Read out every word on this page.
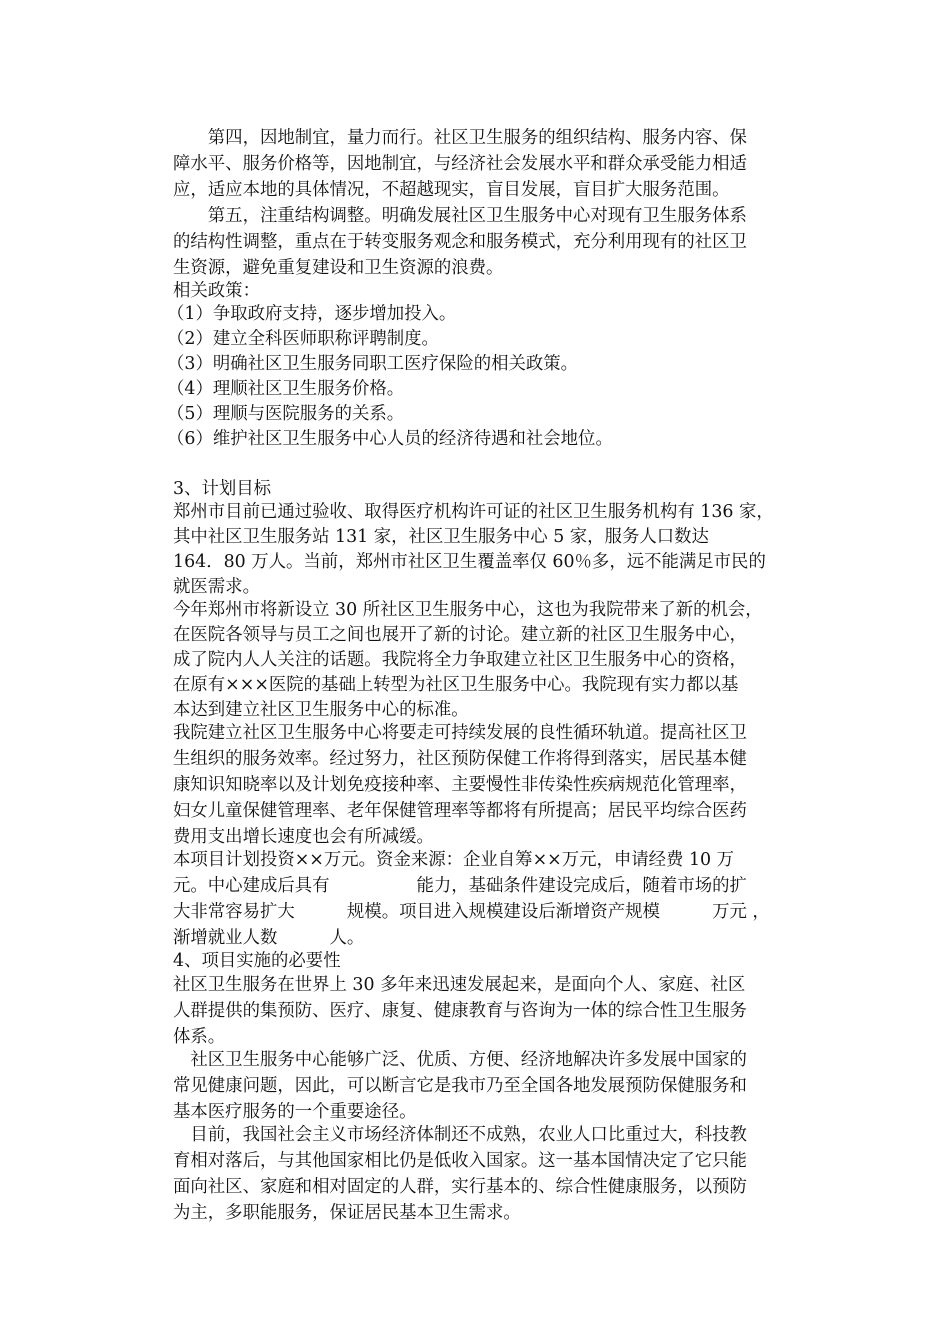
　　第四，因地制宜，量力而行。社区卫生服务的组织结构、服务内容、保
障水平、服务价格等，因地制宜，与经济社会发展水平和群众承受能力相适
应，适应本地的具体情况，不超越现实，盲目发展，盲目扩大服务范围。
　　第五，注重结构调整。明确发展社区卫生服务中心对现有卫生服务体系
的结构性调整，重点在于转变服务观念和服务模式，充分利用现有的社区卫
生资源，避免重复建设和卫生资源的浪费。
相关政策：
（1）争取政府支持，逐步增加投入。
（2）建立全科医师职称评聘制度。
（3）明确社区卫生服务同职工医疗保险的相关政策。
（4）理顺社区卫生服务价格。
（5）理顺与医院服务的关系。
（6）维护社区卫生服务中心人员的经济待遇和社会地位。
3、计划目标
郑州市目前已通过验收、取得医疗机构许可证的社区卫生服务机构有 136 家，
其中社区卫生服务站 131 家，社区卫生服务中心 5 家，服务人口数达
164．80 万人。当前，郑州市社区卫生覆盖率仅 60％多，远不能满足市民的
就医需求。
今年郑州市将新设立 30 所社区卫生服务中心，这也为我院带来了新的机会，
在医院各领导与员工之间也展开了新的讨论。建立新的社区卫生服务中心，
成了院内人人关注的话题。我院将全力争取建立社区卫生服务中心的资格，
在原有×××医院的基础上转型为社区卫生服务中心。我院现有实力都以基
本达到建立社区卫生服务中心的标准。
我院建立社区卫生服务中心将要走可持续发展的良性循环轨道。提高社区卫
生组织的服务效率。经过努力，社区预防保健工作将得到落实，居民基本健
康知识知晓率以及计划免疫接种率、主要慢性非传染性疾病规范化管理率，
妇女儿童保健管理率、老年保健管理率等都将有所提高；居民平均综合医药
费用支出增长速度也会有所减缓。
本项目计划投资××万元。资金来源：企业自筹××万元，申请经费 10 万
元。中心建成后具有　　　　　能力，基础条件建设完成后，随着市场的扩
大非常容易扩大　　　规模。项目进入规模建设后渐增资产规模　　　万元 ，
渐增就业人数　　　人。
4、项目实施的必要性
社区卫生服务在世界上 30 多年来迅速发展起来，是面向个人、家庭、社区
人群提供的集预防、医疗、康复、健康教育与咨询为一体的综合性卫生服务
体系。
　社区卫生服务中心能够广泛、优质、方便、经济地解决许多发展中国家的
常见健康问题，因此，可以断言它是我市乃至全国各地发展预防保健服务和
基本医疗服务的一个重要途径。
　目前，我国社会主义市场经济体制还不成熟，农业人口比重过大，科技教
育相对落后，与其他国家相比仍是低收入国家。这一基本国情决定了它只能
面向社区、家庭和相对固定的人群，实行基本的、综合性健康服务，以预防
为主，多职能服务，保证居民基本卫生需求。
